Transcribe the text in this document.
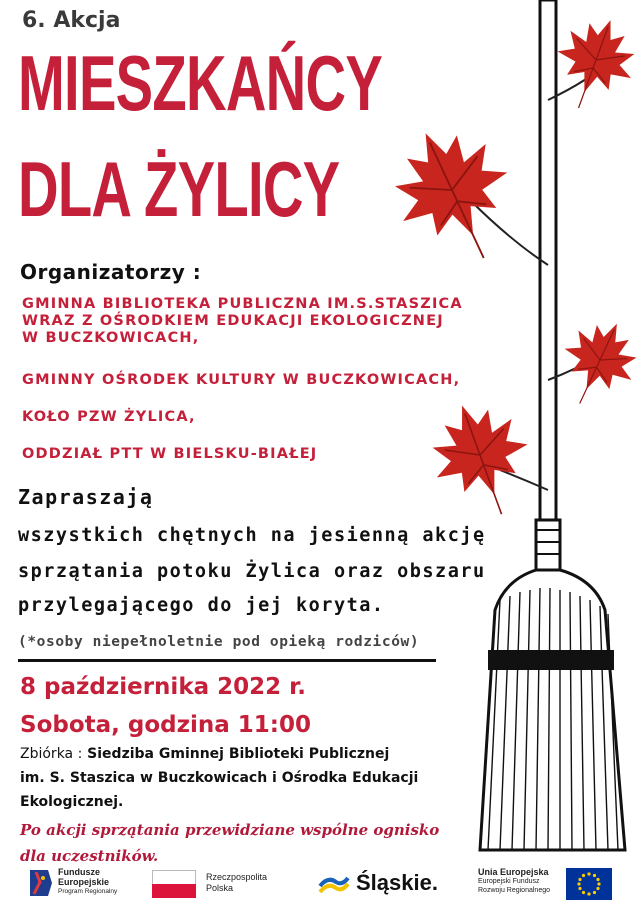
6. Akcja
MIESZKAŃCY
DLA ŻYLICY
Organizatorzy :
GMINNA BIBLIOTEKA PUBLICZNA IM.S.STASZICA
WRAZ Z OŚRODKIEM EDUKACJI EKOLOGICZNEJ
W BUCZKOWICACH,
GMINNY OŚRODEK KULTURY W BUCZKOWICACH,
KOŁO PZW ŻYLICA,
ODDZIAŁ PTT W BIELSKU-BIAŁEJ
Zapraszają
wszystkich chętnych na jesienną akcję
sprzątania potoku Żylica oraz obszaru
przylegającego do jej koryta.
(*osoby niepełnoletnie pod opieką rodziców)
8 października 2022 r.
Sobota, godzina 11:00
Zbiórka : Siedziba Gminnej Biblioteki Publicznej
im. S. Staszica w Buczkowicach i Ośrodka Edukacji
Ekologicznej.
Po akcji sprzątania przewidziane wspólne ognisko
dla uczestników.
Fundusze
Europejskie
Program Regionalny
Rzeczpospolita
Polska	Śląskie.	Unia Europejska
Europejski Fundusz
Rozwoju Regionalnego
